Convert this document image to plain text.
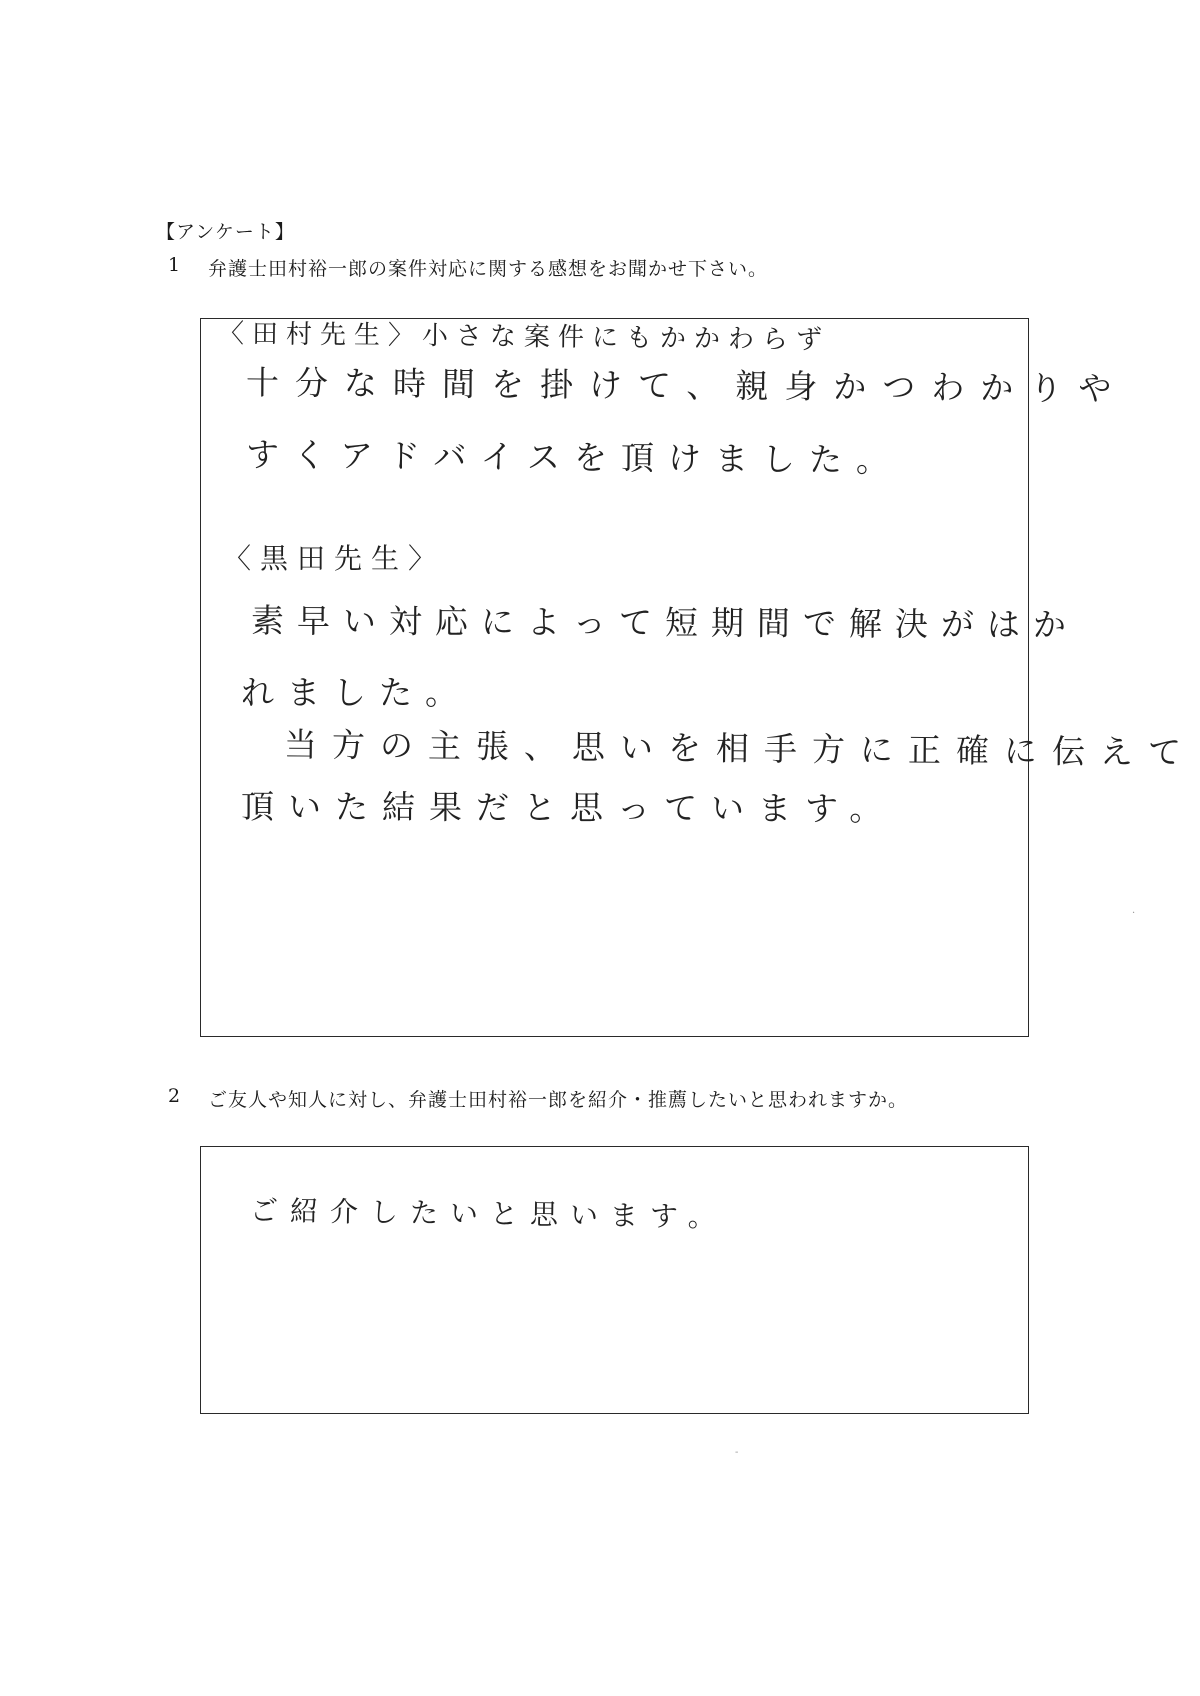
【アンケート】
1	弁護士田村裕一郎の案件対応に関する感想をお聞かせ下さい。
〈田村先生〉小さな案件にもかかわらず
十分な時間を掛けて、親身かつわかりや
すくアドバイスを頂けました。
〈黒田先生〉
素早い対応によって短期間で解決がはか
れました。
当方の主張、思いを相手方に正確に伝えて
頂いた結果だと思っています。
2	ご友人や知人に対し、弁護士田村裕一郎を紹介・推薦したいと思われますか。
ご紹介したいと思います。
·
-
